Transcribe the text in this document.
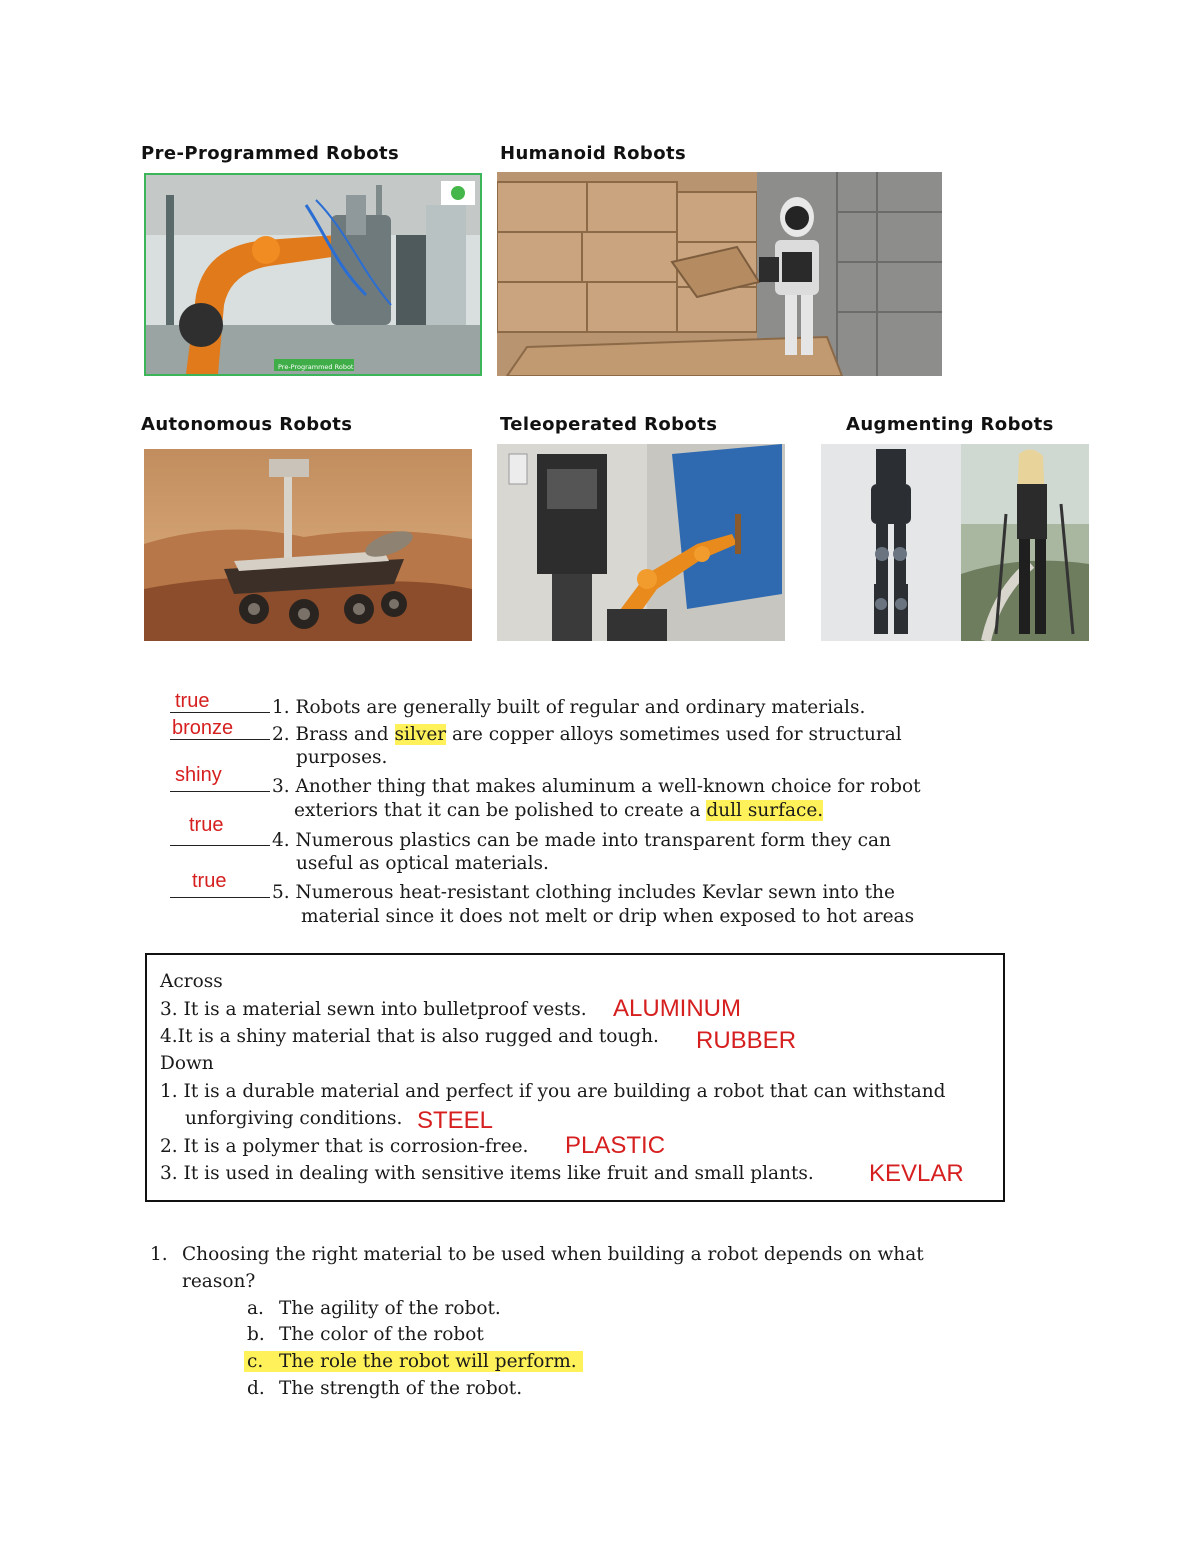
Pre-Programmed Robots	Humanoid Robots
Autonomous Robots	Teleoperated Robots	Augmenting Robots
Pre-Programmed Robot
true
bronze
shiny
true
true
1. Robots are generally built of regular and ordinary materials.
2. Brass and silver are copper alloys sometimes used for structural
purposes.
3. Another thing that makes aluminum a well-known choice for robot
exteriors that it can be polished to create a dull surface.
4. Numerous plastics can be made into transparent form they can
useful as optical materials.
5. Numerous heat-resistant clothing includes Kevlar sewn into the
material since it does not melt or drip when exposed to hot areas
Across
3. It is a material sewn into bulletproof vests. ALUMINUM
4.It is a shiny material that is also rugged and tough. RUBBER
Down
1. It is a durable material and perfect if you are building a robot that can withstand
unforgiving conditions. STEEL
2. It is a polymer that is corrosion-free. PLASTIC
3. It is used in dealing with sensitive items like fruit and small plants. KEVLAR
1. Choosing the right material to be used when building a robot depends on what
reason?
a. The agility of the robot.
b. The color of the robot
c. The role the robot will perform.
d. The strength of the robot.
